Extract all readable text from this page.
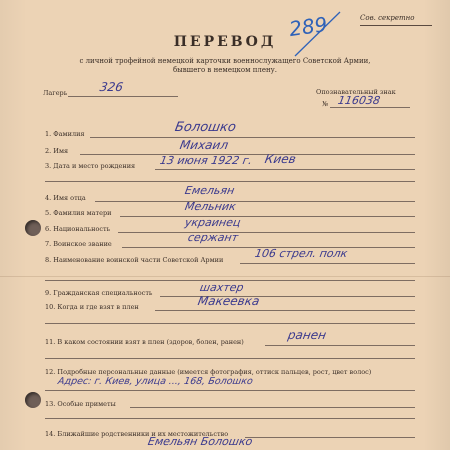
289	Сов. секретно
ПЕРЕВОД
с личной трофейной немецкой карточки военнослужащего Советской Армии,
бывшего в немецком плену.
Лагерь	326	Опознавательный знак
№ 116038
1. Фамилия	Болошко
2. Имя	Михаил
3. Дата и место рождения 13 июня 1922 г. Киев
4. Имя отца
Емельян
5. Фамилия матери	Мельник
6. Национальность	украинец
7. Воинское звание	сержант
8. Наименование воинской части Советской Армии	106 стрел. полк
9. Гражданская специальность	шахтер
10. Когда и где взят в плен	Макеевка
11. В каком состоянии взят в плен (здоров, болен, ранен)	ранен
12. Подробные персональные данные (имеется фотография, оттиск пальцев, рост, цвет волос)
Адрес: г. Киев, улица ..., 168, Болошко
13. Особые приметы
14. Ближайшие родственники и их местожительство
Емельян Болошко
